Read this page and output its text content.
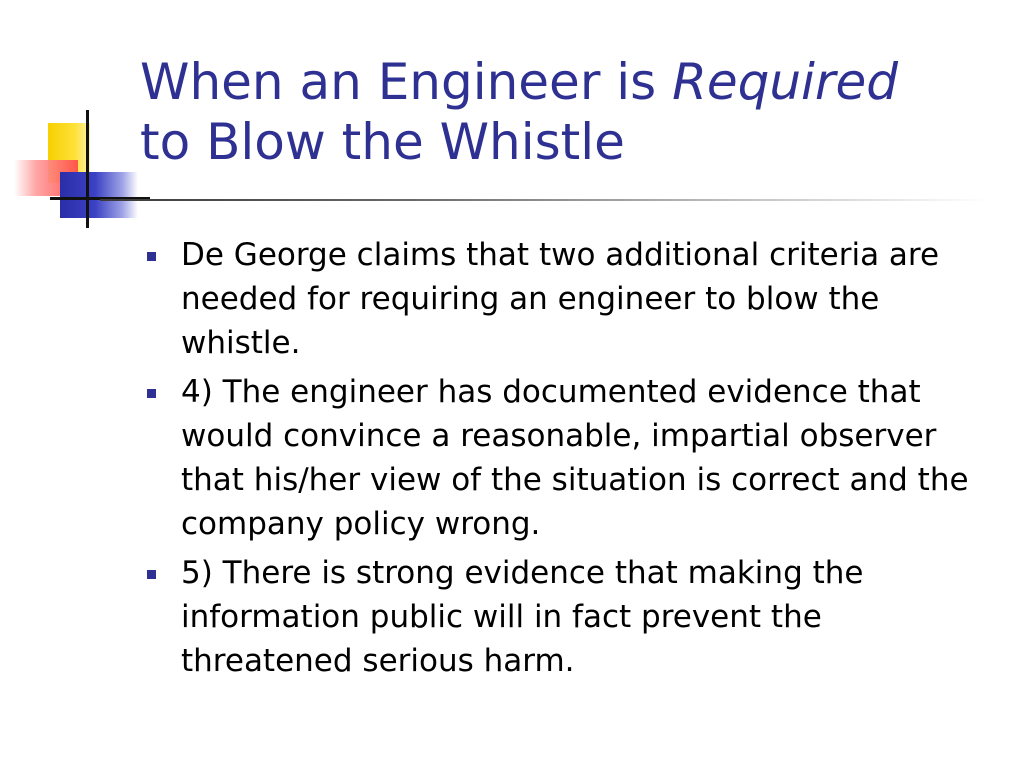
When an Engineer is Required
to Blow the Whistle
De George claims that two additional criteria are needed for requiring an engineer to blow the whistle.
4) The engineer has documented evidence that would convince a reasonable, impartial observer that his/her view of the situation is correct and the company policy wrong.
5) There is strong evidence that making the information public will in fact prevent the threatened serious harm.
